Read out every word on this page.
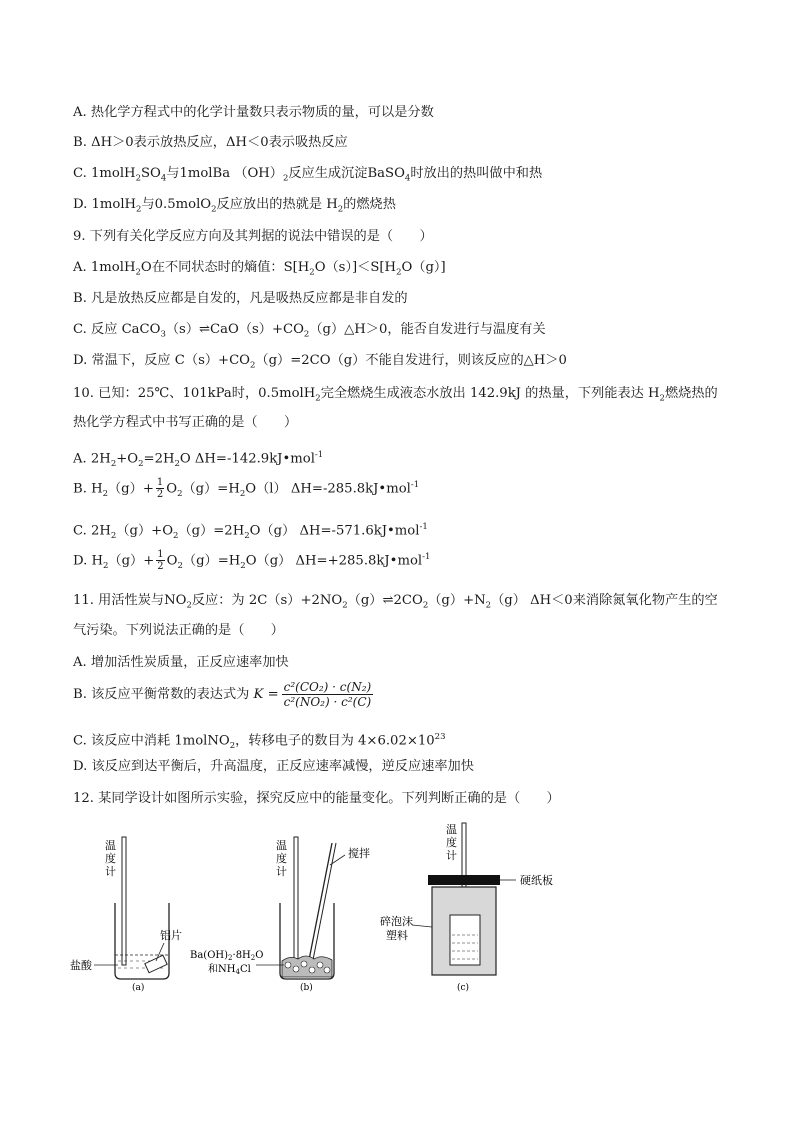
A. 热化学方程式中的化学计量数只表示物质的量，可以是分数
B. ΔH＞0表示放热反应，ΔH＜0表示吸热反应
C. $1molH_2SO_4$与1molBa $(OH)_2$反应生成沉淀BaSO$_4$时放出的热叫做中和热
D. 1molH$_2$与0.5molO$_2$反应放出的热就是 $H_2$的燃烧热
9. 下列有关化学反应方向及其判据的说法中错误的是（　　）
A. 1molH$_2$O在不同状态时的熵值：$S[H_2O(s)]<S[H_2O(g)]$
B. 凡是放热反应都是自发的，凡是吸热反应都是非自发的
C. 反应 $CaCO_3(s)\rightleftharpoons CaO(s)+CO_2(g)\triangle H>0$，能否自发进行与温度有关
D. 常温下，反应 $C(s)+CO_2(g)=2CO(g)$不能自发进行，则该反应的△H＞0
10. 已知：25℃、101kPa时，0.5molH$_2$完全燃烧生成液态水放出 142.9kJ 的热量，下列能表达 $H_2$燃烧热的
热化学方程式中书写正确的是（　　）
A. $2H_2+O_2=2H_2O$ ΔH=-142.9kJ•mol$^{-1}$
B. $H_2(g)+ \frac{1}{2} O_2(g)=H_2O(l)$ ΔH=-285.8kJ•mol$^{-1}$
C. $2H_2(g)+O_2(g)=2H_2O(g)$ ΔH=-571.6kJ•mol$^{-1}$
D. $H_2(g)+ \frac{1}{2} O_2(g)=H_2O(g)$ ΔH=+285.8kJ•mol$^{-1}$
11. 用活性炭与$NO_2$反应：为 $2C(s)+2NO_2(g)\rightleftharpoons 2CO_2(g)+N_2(g)$ ΔH＜0来消除氮氧化物产生的空
气污染。下列说法正确的是（　　）
A. 增加活性炭质量，正反应速率加快
B. 该反应平衡常数的表达式为 $K = \frac{\text{c²(CO₂) · c(N₂)}}{\text{c²(NO₂) · c²(C)}}$
C. 该反应中消耗 1molNO$_2$，转移电子的数目为 $4\times 6.02\times 10^{23}$
D. 该反应到达平衡后，升高温度，正反应速率减慢，逆反应速率加快
12. 某同学设计如图所示实验，探究反应中的能量变化。下列判断正确的是（　　）
温
度
计
铝片
盐酸
(a)
温
度
计
搅拌
$Ba(OH)_2\cdot 8H_2O$
和$NH_4Cl$
(b)
温
度
计
硬纸板
碎泡沫
塑料
(c)
